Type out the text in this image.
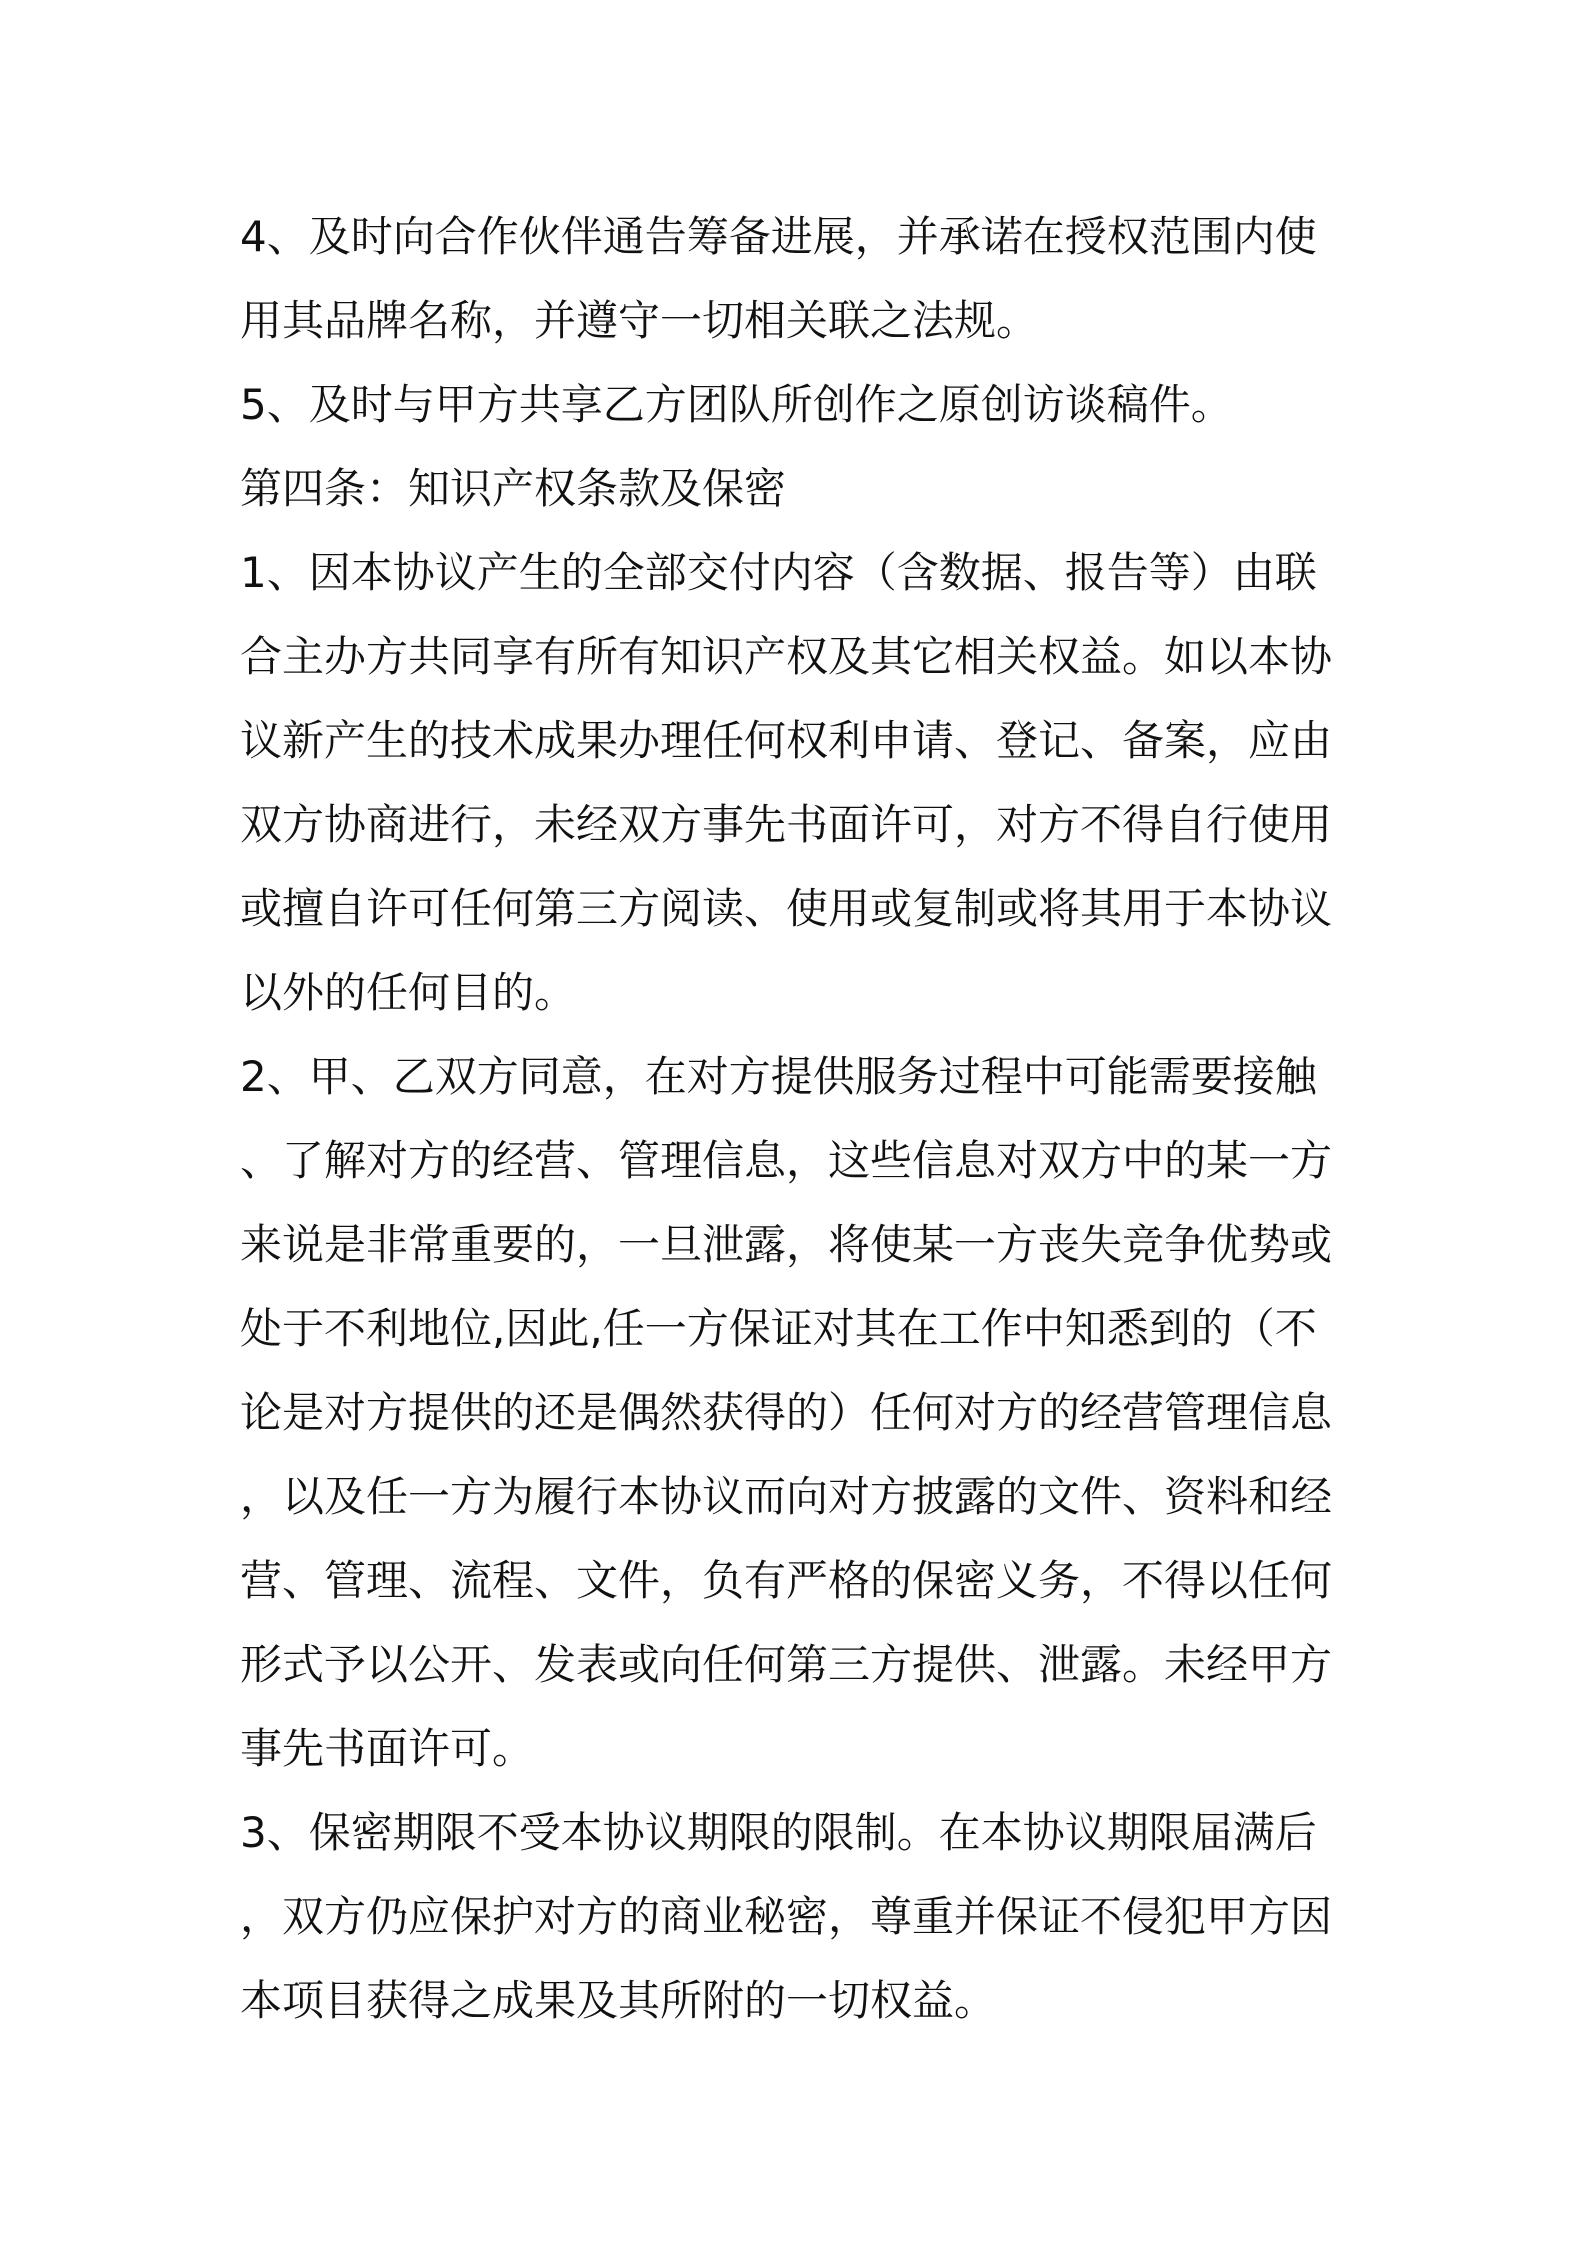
4、及时向合作伙伴通告筹备进展，并承诺在授权范围内使
用其品牌名称，并遵守一切相关联之法规。
5、及时与甲方共享乙方团队所创作之原创访谈稿件。
第四条：知识产权条款及保密
1、因本协议产生的全部交付内容（含数据、报告等）由联
合主办方共同享有所有知识产权及其它相关权益。如以本协
议新产生的技术成果办理任何权利申请、登记、备案，应由
双方协商进行，未经双方事先书面许可，对方不得自行使用
或擅自许可任何第三方阅读、使用或复制或将其用于本协议
以外的任何目的。
2、甲、乙双方同意，在对方提供服务过程中可能需要接触
、了解对方的经营、管理信息，这些信息对双方中的某一方
来说是非常重要的，一旦泄露，将使某一方丧失竞争优势或
处于不利地位,因此,任一方保证对其在工作中知悉到的（不
论是对方提供的还是偶然获得的）任何对方的经营管理信息
，以及任一方为履行本协议而向对方披露的文件、资料和经
营、管理、流程、文件，负有严格的保密义务，不得以任何
形式予以公开、发表或向任何第三方提供、泄露。未经甲方
事先书面许可。
3、保密期限不受本协议期限的限制。在本协议期限届满后
，双方仍应保护对方的商业秘密，尊重并保证不侵犯甲方因
本项目获得之成果及其所附的一切权益。
